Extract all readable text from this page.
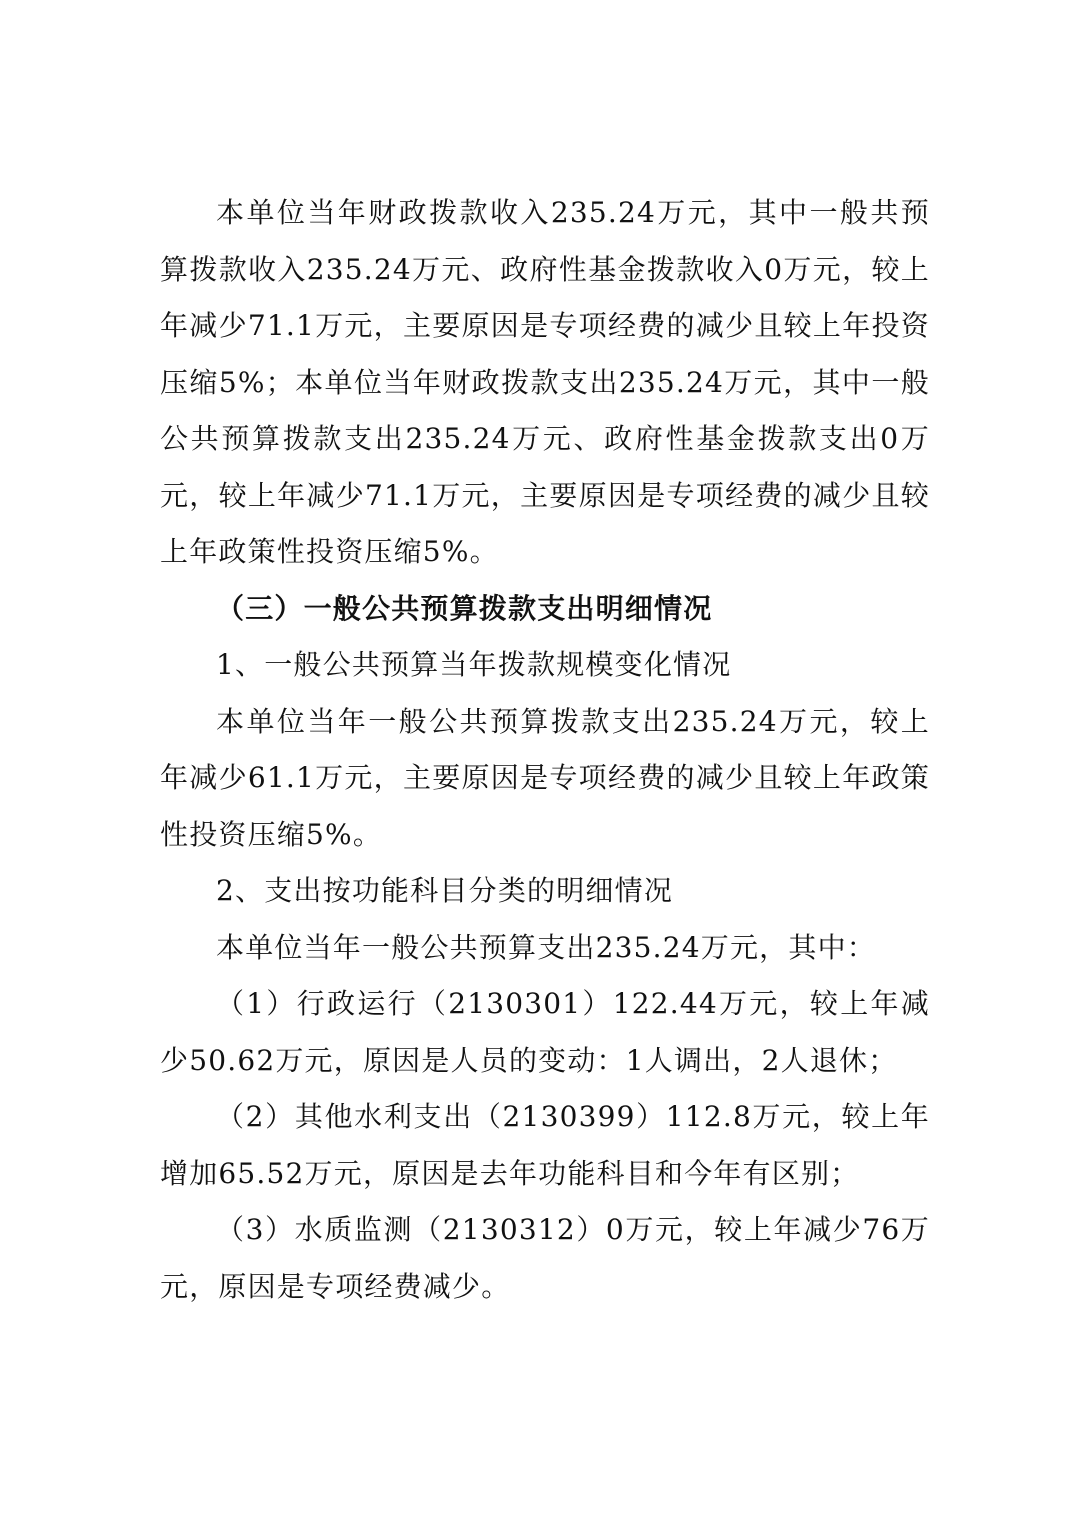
本单位当年财政拨款收入235.24万元，其中一般共预算拨款收入235.24万元、政府性基金拨款收入0万元，较上年减少71.1万元，主要原因是专项经费的减少且较上年投资压缩5%；本单位当年财政拨款支出235.24万元，其中一般公共预算拨款支出235.24万元、政府性基金拨款支出0万元，较上年减少71.1万元，主要原因是专项经费的减少且较上年政策性投资压缩5%。

（三）一般公共预算拨款支出明细情况

1、一般公共预算当年拨款规模变化情况

本单位当年一般公共预算拨款支出235.24万元，较上年减少61.1万元，主要原因是专项经费的减少且较上年政策性投资压缩5%。

2、支出按功能科目分类的明细情况

本单位当年一般公共预算支出235.24万元，其中：

（1）行政运行（2130301）122.44万元，较上年减少50.62万元，原因是人员的变动：1人调出，2人退休；

（2）其他水利支出（2130399）112.8万元，较上年增加65.52万元，原因是去年功能科目和今年有区别；

（3）水质监测（2130312）0万元，较上年减少76万元，原因是专项经费减少。
